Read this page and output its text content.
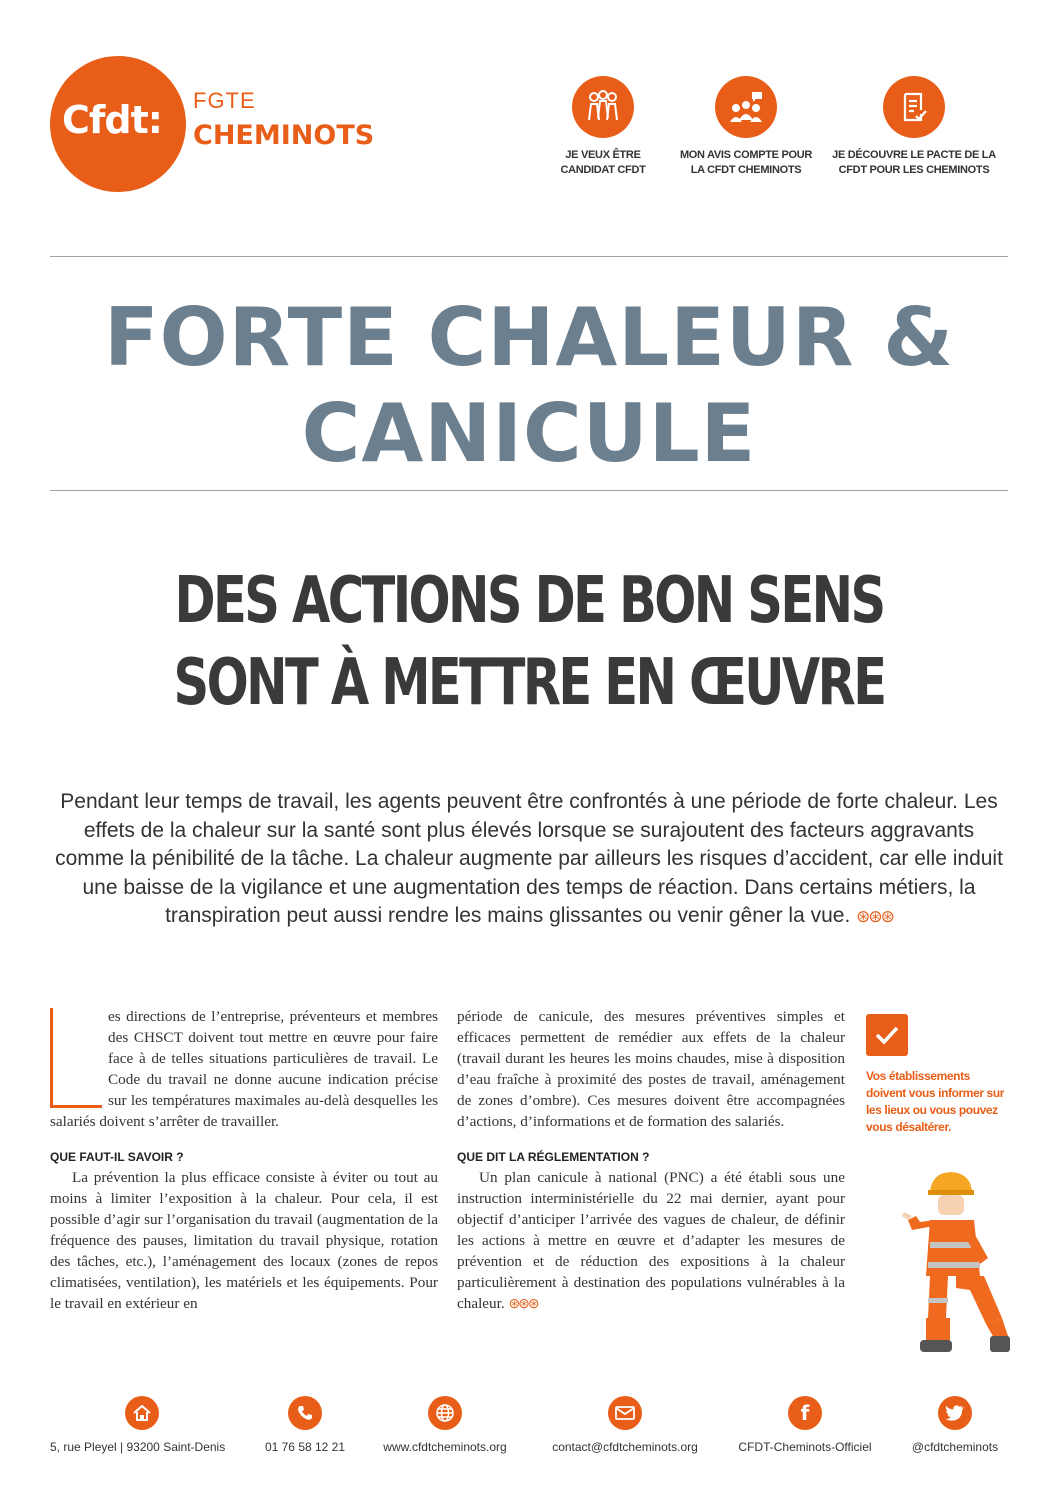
Cfdt: FGTE
CHEMINOTS
JE VEUX ÊTRE
CANDIDAT CFDT
MON AVIS COMPTE POUR
LA CFDT CHEMINOTS
JE DÉCOUVRE LE PACTE DE LA
CFDT POUR LES CHEMINOTS
FORTE CHALEUR &
CANICULE
DES ACTIONS DE BON SENS
SONT À METTRE EN ŒUVRE
Pendant leur temps de travail, les agents peuvent être confrontés à une période de forte chaleur. Les effets de la chaleur sur la santé sont plus élevés lorsque se surajoutent des facteurs aggravants comme la pénibilité de la tâche. La chaleur augmente par ailleurs les risques d’accident, car elle induit une baisse de la vigilance et une augmentation des temps de réaction. Dans certains métiers, la transpiration peut aussi rendre les mains glissantes ou venir gêner la vue. ⊛⊛⊛

es directions de l’entreprise, préventeurs et membres des CHSCT doivent tout mettre en œuvre pour faire face à de telles situations particulières de travail. Le Code du travail ne donne aucune indication précise sur les températures maximales au-delà desquelles les salariés doivent s’arrêter de travailler.

QUE FAUT-IL SAVOIR ?

La prévention la plus efficace consiste à éviter ou tout au moins à limiter l’exposition à la chaleur. Pour cela, il est possible d’agir sur l’organisation du travail (augmentation de la fréquence des pauses, limitation du travail physique, rotation des tâches, etc.), l’aménagement des locaux (zones de repos climatisées, ventilation), les matériels et les équipements. Pour le travail en extérieur en

période de canicule, des mesures préventives simples et efficaces permettent de remédier aux effets de la chaleur (travail durant les heures les moins chaudes, mise à disposition d’eau fraîche à proximité des postes de travail, aménagement de zones d’ombre). Ces mesures doivent être accompagnées d’actions, d’informations et de formation des salariés.

QUE DIT LA RÉGLEMENTATION ?

Un plan canicule à national (PNC) a été établi sous une instruction interministérielle du 22 mai dernier, ayant pour objectif d’anticiper l’arrivée des vagues de chaleur, de définir les actions à mettre en œuvre et d’adapter les mesures de prévention et de réduction des expositions à la chaleur particulièrement à destination des populations vulnérables à la chaleur. ⊛⊛⊛

Vos établissements doivent vous informer sur les lieux ou vous pouvez vous désaltérer.
5, rue Pleyel | 93200 Saint-Denis	01 76 58 12 21	www.cfdtcheminots.org	contact@cfdtcheminots.org
f
CFDT-Cheminots-Officiel	@cfdtcheminots
